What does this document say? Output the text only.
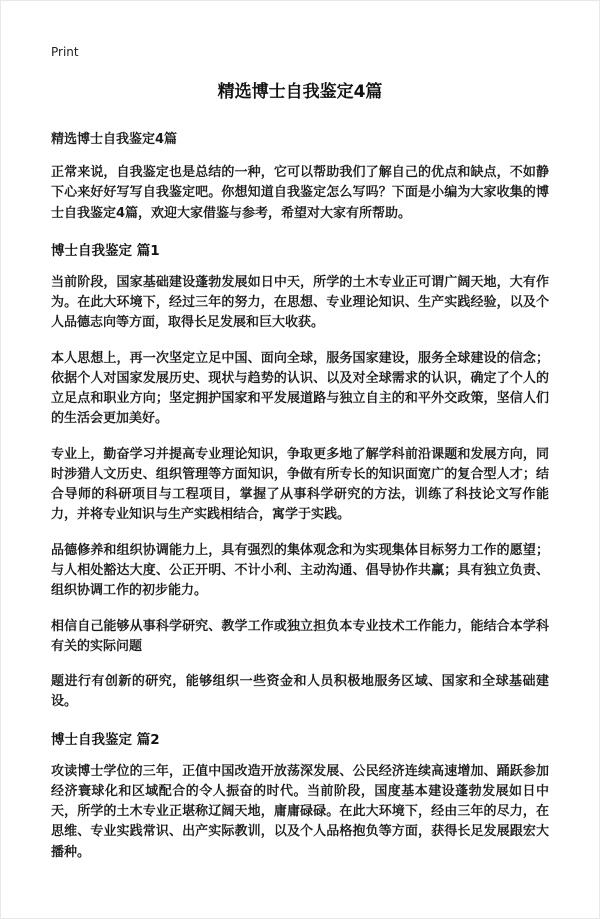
Print
精选博士自我鉴定4篇

精选博士自我鉴定4篇

正常来说，自我鉴定也是总结的一种，它可以帮助我们了解自己的优点和缺点，不如静下心来好好写写自我鉴定吧。你想知道自我鉴定怎么写吗？下面是小编为大家收集的博士自我鉴定4篇，欢迎大家借鉴与参考，希望对大家有所帮助。

博士自我鉴定 篇1

当前阶段，国家基础建设蓬勃发展如日中天，所学的土木专业正可谓广阔天地，大有作为。在此大环境下，经过三年的努力，在思想、专业理论知识、生产实践经验，以及个人品德志向等方面，取得长足发展和巨大收获。

本人思想上，再一次坚定立足中国、面向全球，服务国家建设，服务全球建设的信念；依据个人对国家发展历史、现状与趋势的认识、以及对全球需求的认识，确定了个人的立足点和职业方向；坚定拥护国家和平发展道路与独立自主的和平外交政策，坚信人们的生活会更加美好。

专业上，勤奋学习并提高专业理论知识，争取更多地了解学科前沿课题和发展方向，同时涉猎人文历史、组织管理等方面知识，争做有所专长的知识面宽广的复合型人才；结合导师的科研项目与工程项目，掌握了从事科学研究的方法，训练了科技论文写作能力，并将专业知识与生产实践相结合，寓学于实践。

品德修养和组织协调能力上，具有强烈的集体观念和为实现集体目标努力工作的愿望；与人相处豁达大度、公正开明、不计小利、主动沟通、倡导协作共赢；具有独立负责、组织协调工作的初步能力。

相信自己能够从事科学研究、教学工作或独立担负本专业技术工作能力，能结合本学科有关的实际问题

题进行有创新的研究，能够组织一些资金和人员积极地服务区域、国家和全球基础建设。

博士自我鉴定 篇2

攻读博士学位的三年，正值中国改造开放荡深发展、公民经济连续高速增加、踊跃参加经济寰球化和区域配合的令人振奋的时代。当前阶段，国度基本建设蓬勃发展如日中天，所学的土木专业正堪称辽阔天地，庸庸碌碌。在此大环境下，经由三年的尽力，在思维、专业实践常识、出产实际教训，以及个人品格抱负等方面，获得长足发展跟宏大播种。
